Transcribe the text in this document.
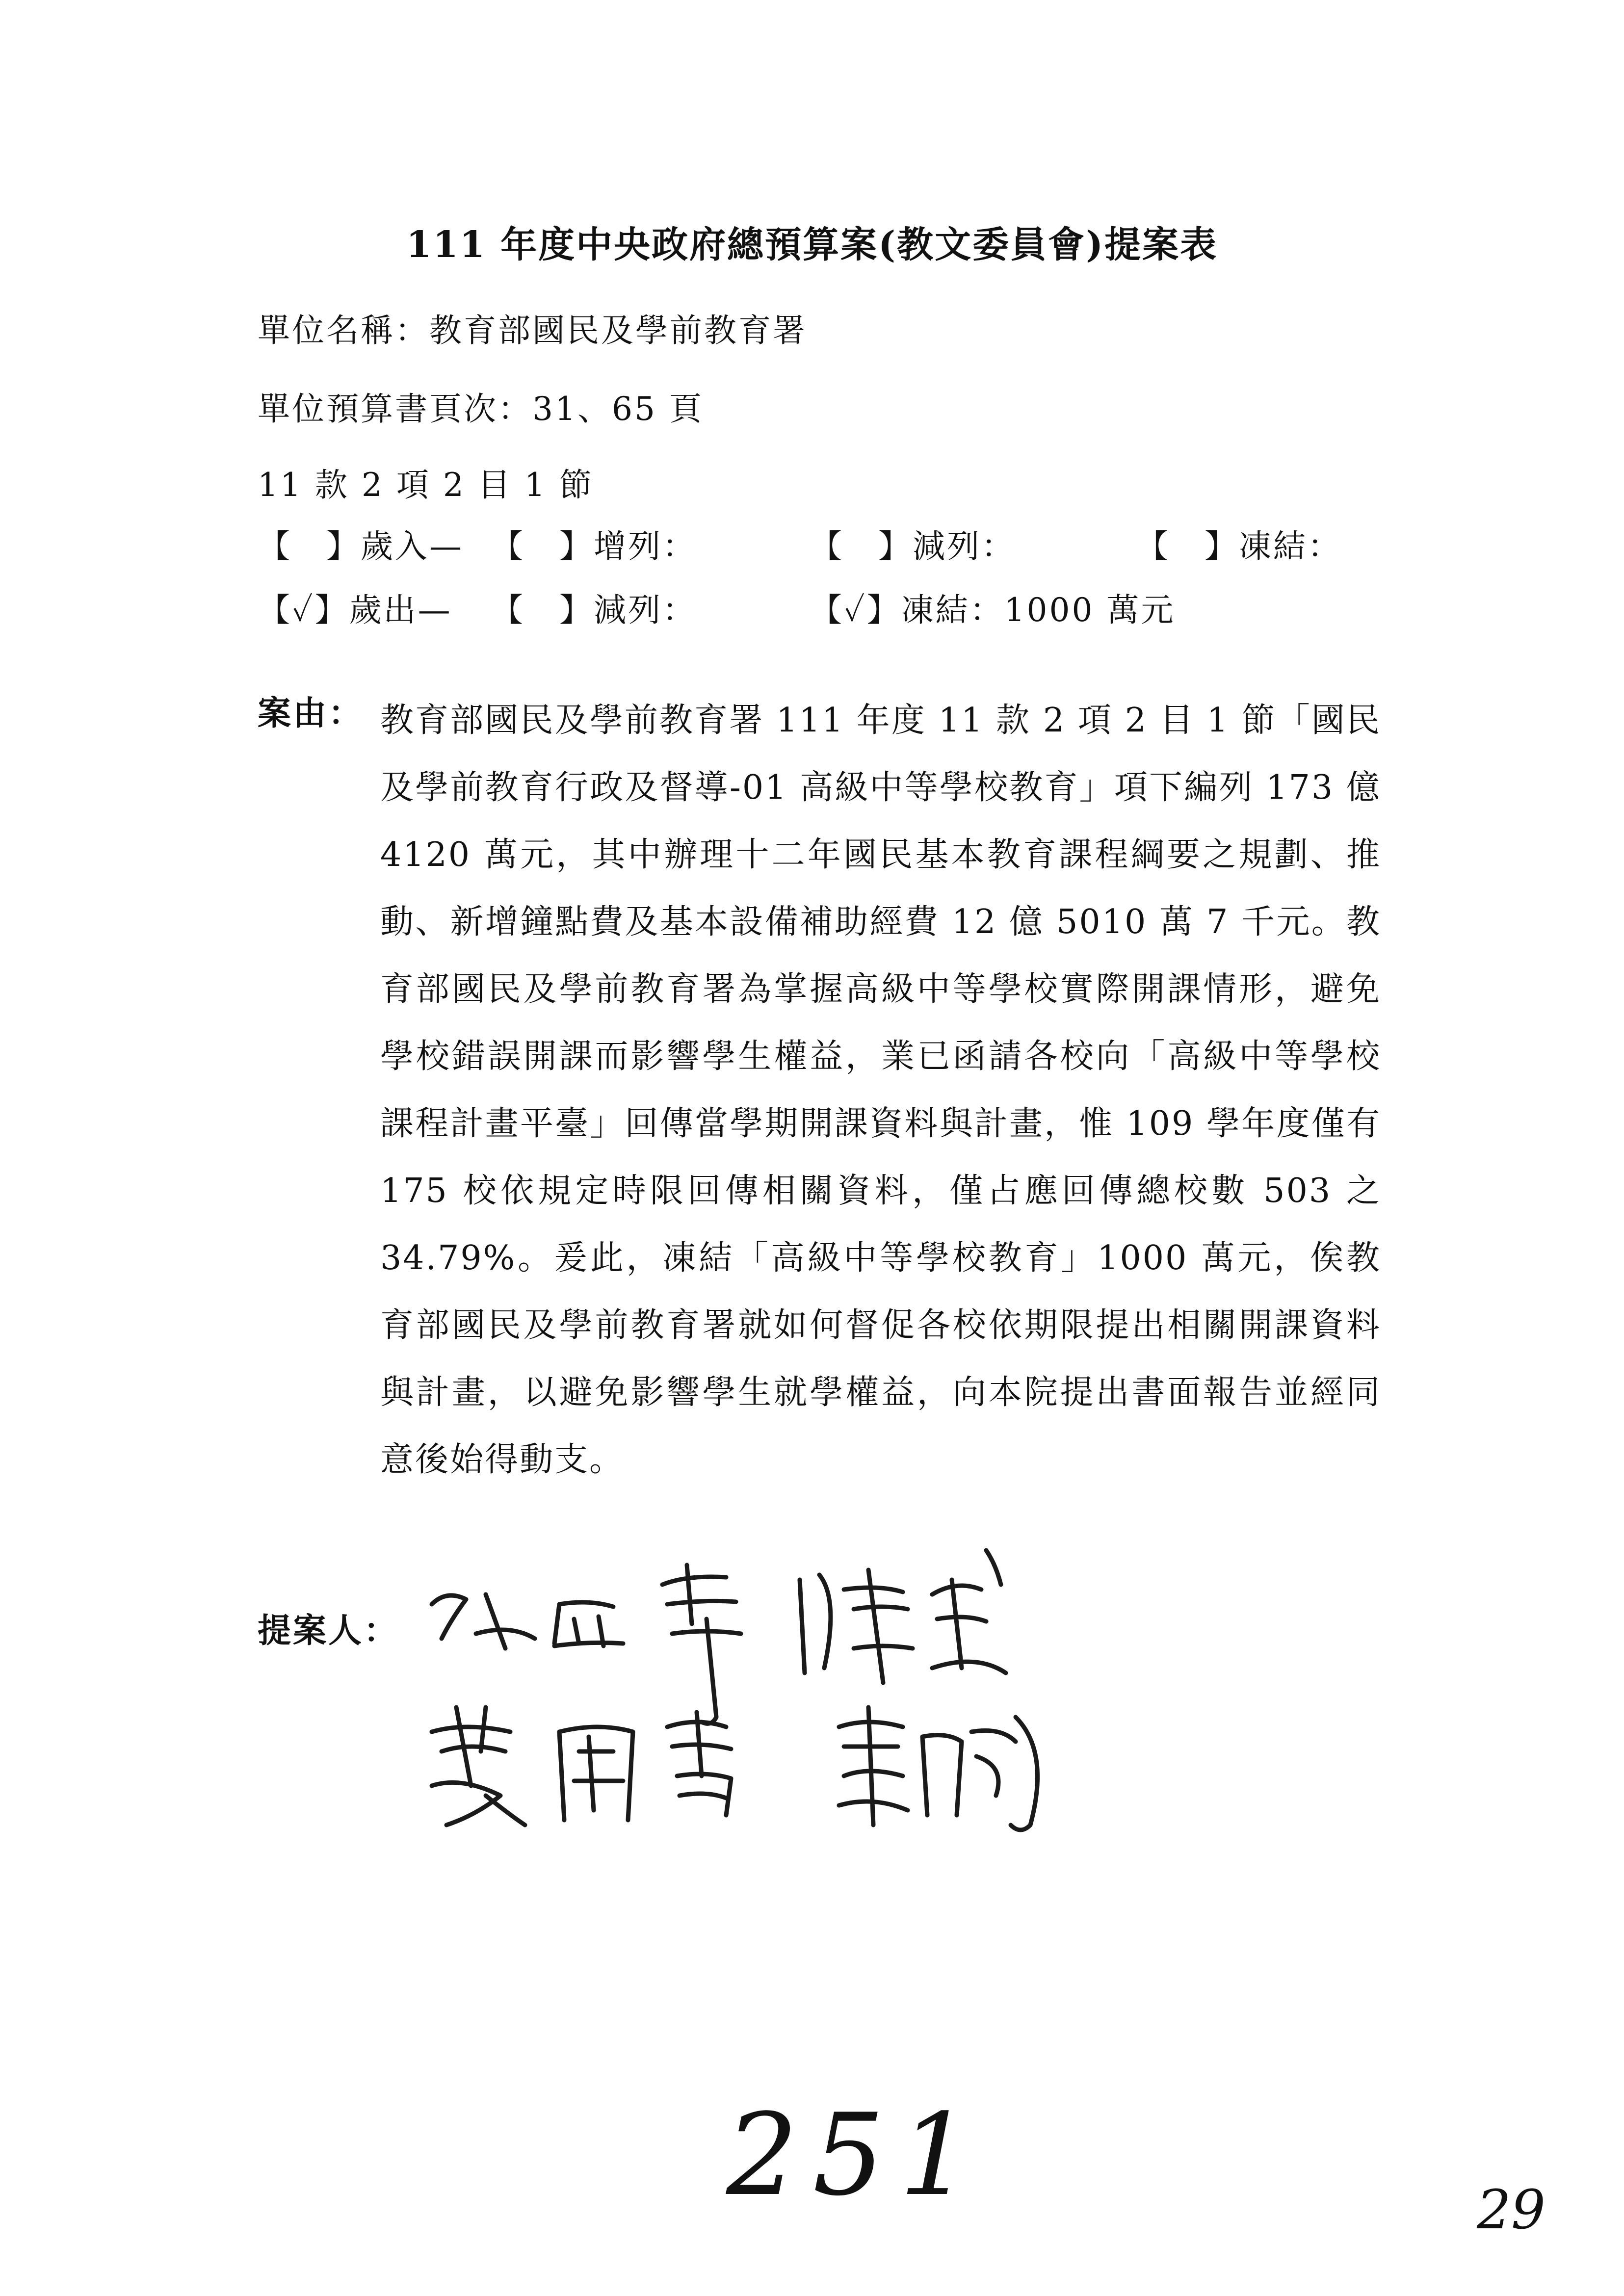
111 年度中央政府總預算案(教文委員會)提案表
單位名稱：教育部國民及學前教育署
單位預算書頁次：31、65 頁
11 款 2 項 2 目 1 節
【　】歲入— 【　】增列：	【　】減列：	【　】凍結：
【✓】歲出— 【　】減列：	【✓】凍結：1000 萬元
案由： 教育部國民及學前教育署 111 年度 11 款 2 項 2 目 1 節「國民及學前教育行政及督導-01 高級中等學校教育」項下編列 173 億 4120 萬元，其中辦理十二年國民基本教育課程綱要之規劃、推動、新增鐘點費及基本設備補助經費 12 億 5010 萬 7 千元。教育部國民及學前教育署為掌握高級中等學校實際開課情形，避免學校錯誤開課而影響學生權益，業已函請各校向「高級中等學校課程計畫平臺」回傳當學期開課資料與計畫，惟 109 學年度僅有 175 校依規定時限回傳相關資料，僅占應回傳總校數 503 之 34.79%。爰此，凍結「高級中等學校教育」1000 萬元，俟教育部國民及學前教育署就如何督促各校依期限提出相關開課資料與計畫，以避免影響學生就學權益，向本院提出書面報告並經同意後始得動支。

提案人：
251	29
